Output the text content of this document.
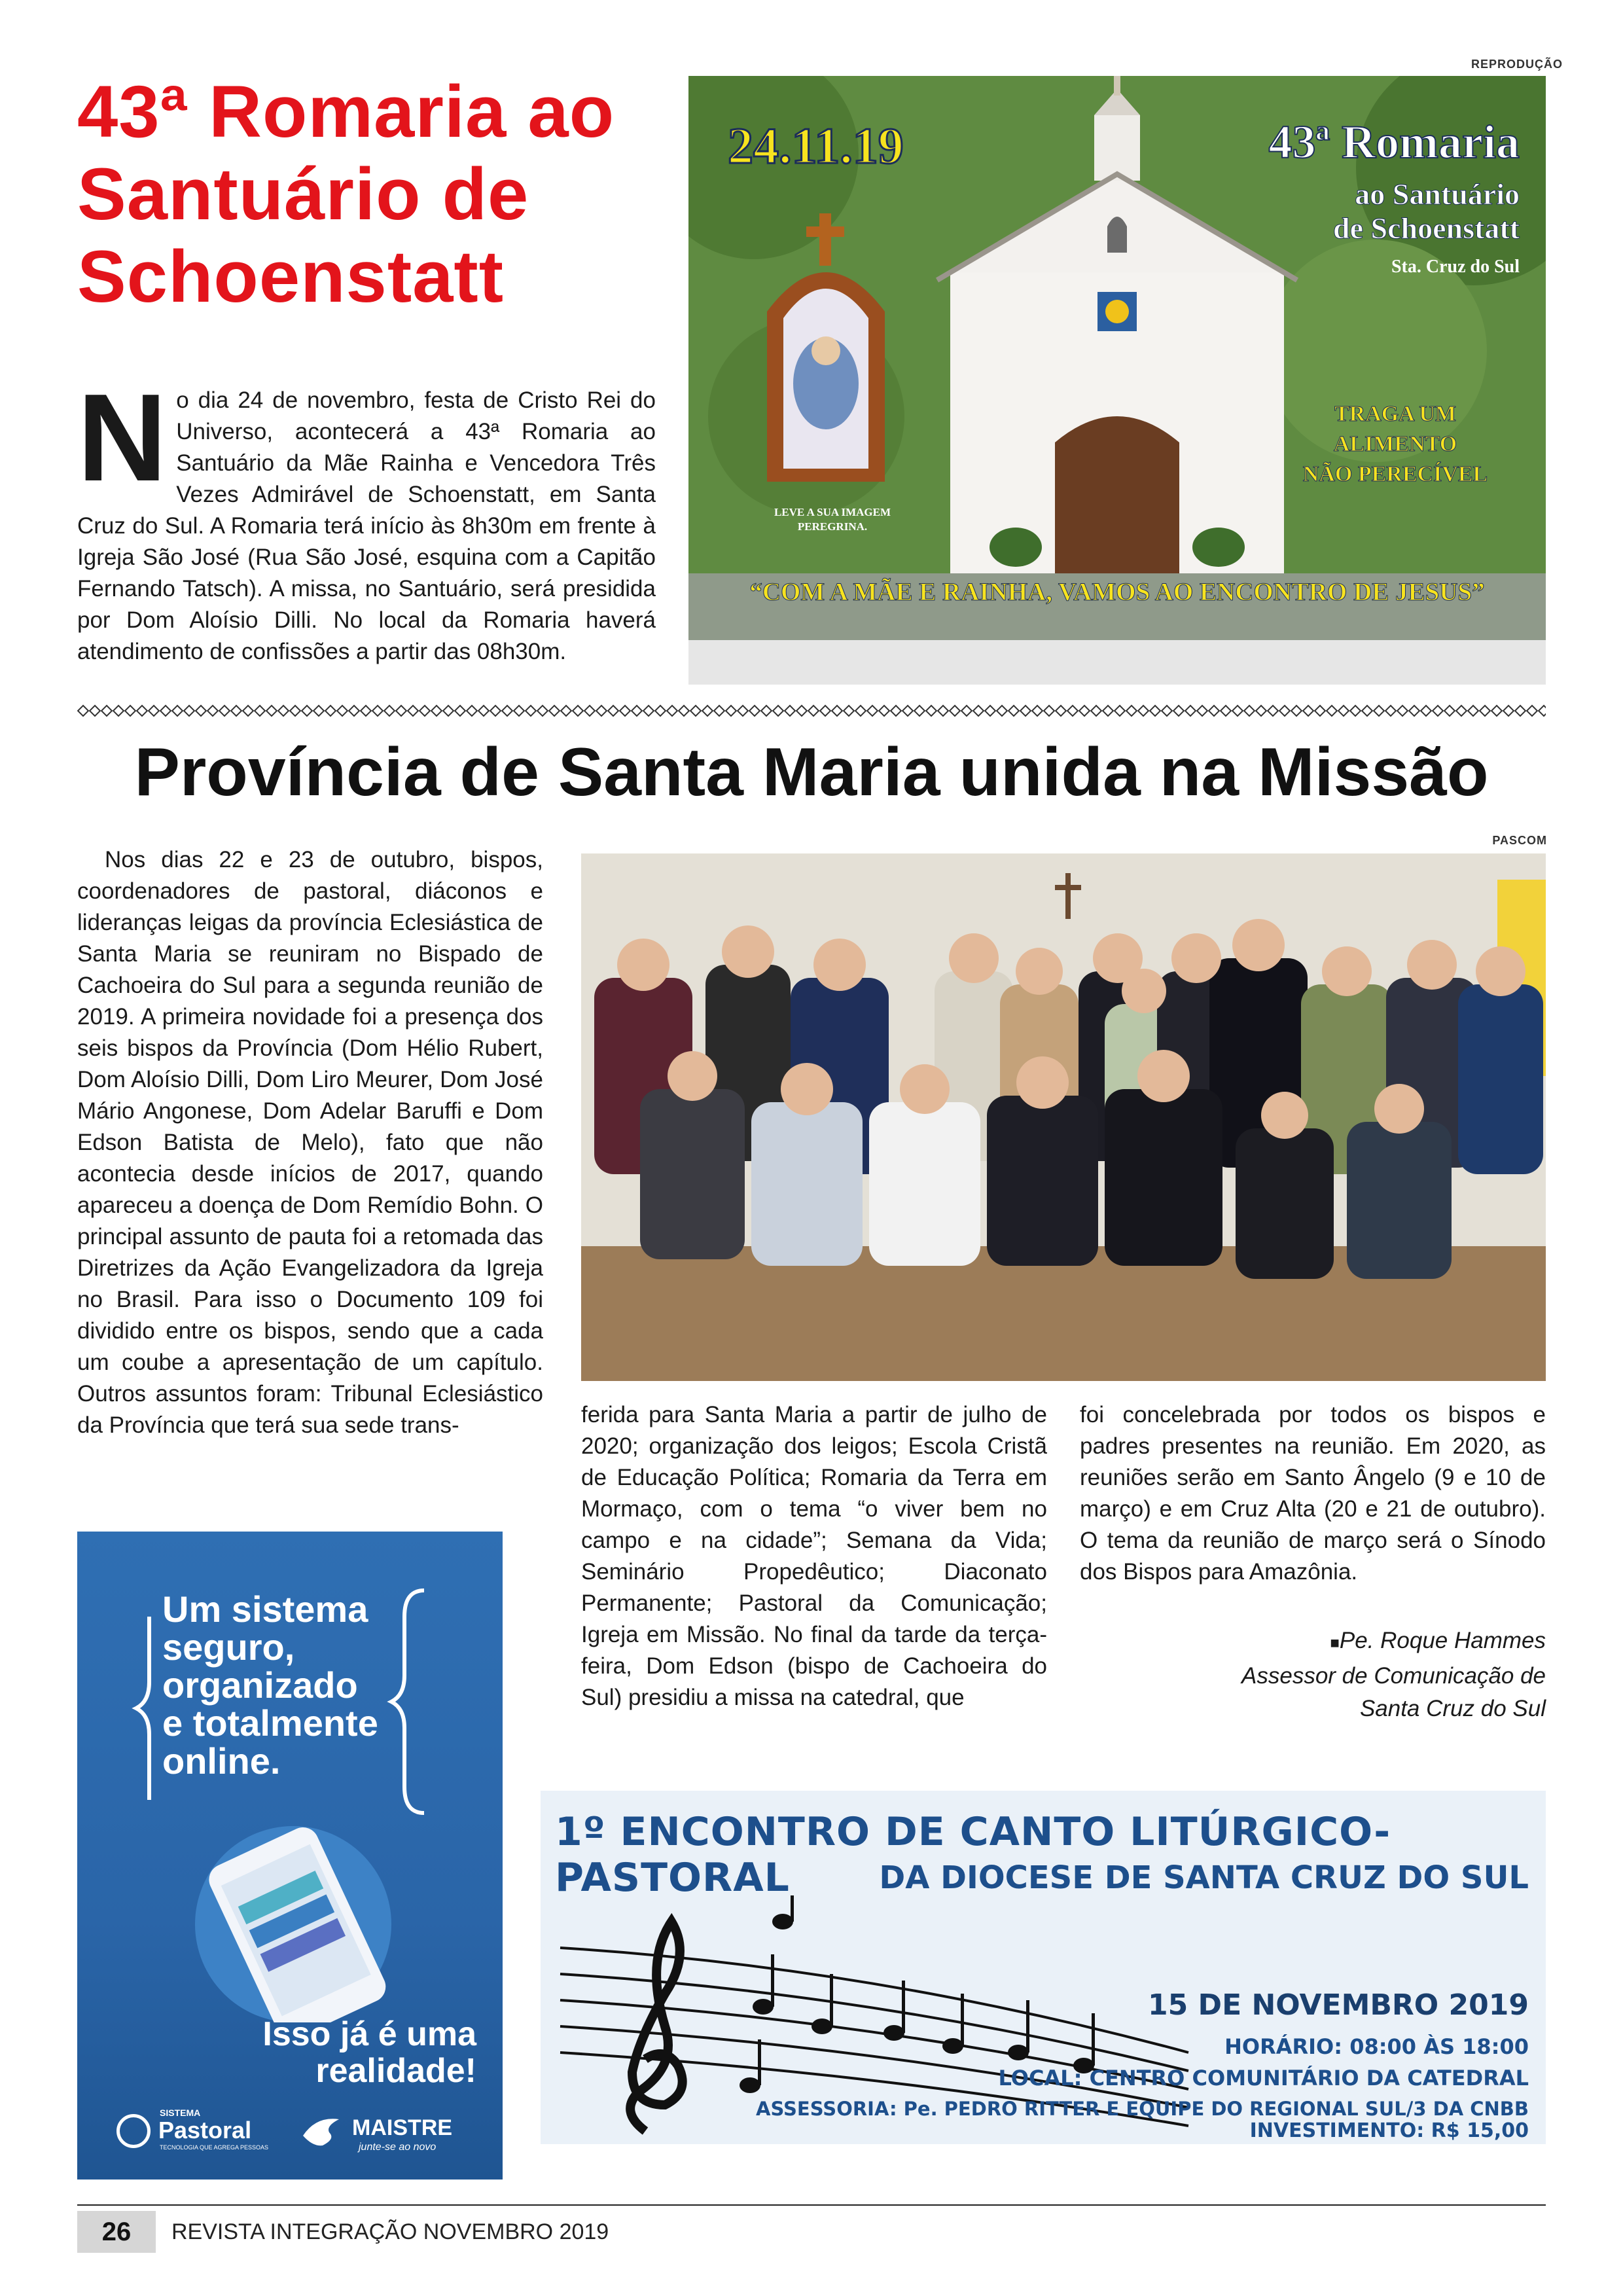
43ª Romaria ao
Santuário de
Schoenstatt

No dia 24 de novembro, festa de Cristo Rei do Universo, acontecerá a 43ª Romaria ao Santuário da Mãe Rainha e Vencedora Três Vezes Admirável de Schoenstatt, em Santa Cruz do Sul. A Romaria terá início às 8h30m em frente à Igreja São José (Rua São José, esquina com a Capitão Fernando Tatsch). A missa, no Santuário, será presidida por Dom Aloísio Dilli. No local da Romaria haverá atendimento de confissões a partir das 08h30m.

REPRODUÇÃO
24.11.19	43ª Romaria
ao Santuário
de Schoenstatt
Sta. Cruz do Sul
TRAGA UM
ALIMENTO
NÃO PERECÍVEL
LEVE A SUA IMAGEM PEREGRINA.
“COM A MÃE E RAINHA, VAMOS AO ENCONTRO DE JESUS”
Província de Santa Maria unida na Missão
PASCOM

Nos dias 22 e 23 de outubro, bispos, coordenadores de pastoral, diáconos e lideranças leigas da província Eclesiástica de Santa Maria se reuniram no Bispado de Cachoeira do Sul para a segunda reunião de 2019. A primeira novidade foi a presença dos seis bispos da Província (Dom Hélio Rubert, Dom Aloísio Dilli, Dom Liro Meurer, Dom José Mário Angonese, Dom Adelar Baruffi e Dom Edson Batista de Melo), fato que não acontecia desde inícios de 2017, quando apareceu a doença de Dom Remídio Bohn. O principal assunto de pauta foi a retomada das Diretrizes da Ação Evangelizadora da Igreja no Brasil. Para isso o Documento 109 foi dividido entre os bispos, sendo que a cada um coube a apresentação de um capítulo. Outros assuntos foram: Tribunal Eclesiástico da Província que terá sua sede trans-	ferida para Santa Maria a partir de julho de 2020; organização dos leigos; Escola Cristã de Educação Política; Romaria da Terra em Mormaço, com o tema “o viver bem no campo e na cidade”; Semana da Vida; Seminário Propedêutico; Diaconato Permanente; Pastoral da Comunicação; Igreja em Missão. No final da tarde da terça-feira, Dom Edson (bispo de Cachoeira do Sul) presidiu a missa na catedral, que

foi concelebrada por todos os bispos e padres presentes na reunião. Em 2020, as reuniões serão em Santo Ângelo (9 e 10 de março) e em Cruz Alta (20 e 21 de outubro). O tema da reunião de março será o Sínodo dos Bispos para Amazônia.

■Pe. Roque Hammes
Assessor de Comunicação de
Santa Cruz do Sul
Um sistema
seguro,
organizado
e totalmente
online.
Isso já é uma
realidade!
SISTEMA
Pastoral
TECNOLOGIA QUE AGREGA PESSOAS
MAISTRE
junte-se ao novo
1º ENCONTRO DE CANTO LITÚRGICO-PASTORAL	DA DIOCESE DE SANTA CRUZ DO SUL
15 DE NOVEMBRO 2019
HORÁRIO: 08:00 ÀS 18:00
LOCAL: CENTRO COMUNITÁRIO DA CATEDRAL
ASSESSORIA: Pe. PEDRO RITTER E EQUIPE DO REGIONAL SUL/3 DA CNBB
INVESTIMENTO: R$ 15,00
26	REVISTA INTEGRAÇÃO NOVEMBRO 2019
